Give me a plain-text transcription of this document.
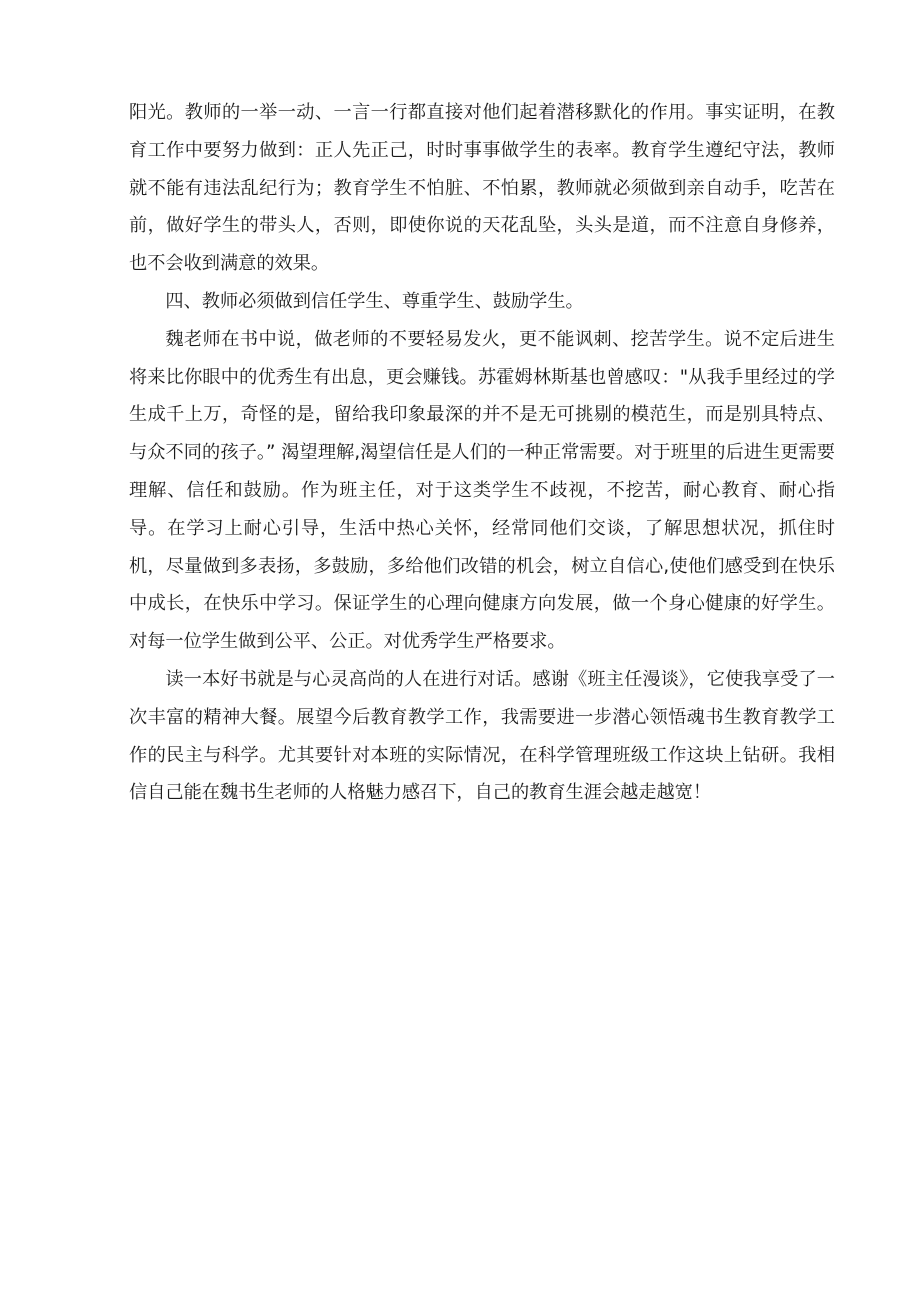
阳光。教师的一举一动、一言一行都直接对他们起着潜移默化的作用。事实证明，在教育工作中要努力做到：正人先正己，时时事事做学生的表率。教育学生遵纪守法，教师就不能有违法乱纪行为；教育学生不怕脏、不怕累，教师就必须做到亲自动手，吃苦在前，做好学生的带头人，否则，即使你说的天花乱坠，头头是道，而不注意自身修养，也不会收到满意的效果。

四、教师必须做到信任学生、尊重学生、鼓励学生。

魏老师在书中说，做老师的不要轻易发火，更不能讽刺、挖苦学生。说不定后进生将来比你眼中的优秀生有出息，更会赚钱。苏霍姆林斯基也曾感叹："从我手里经过的学生成千上万，奇怪的是，留给我印象最深的并不是无可挑剔的模范生，而是别具特点、与众不同的孩子。” 渴望理解,渴望信任是人们的一种正常需要。对于班里的后进生更需要理解、信任和鼓励。作为班主任，对于这类学生不歧视，不挖苦，耐心教育、耐心指导。在学习上耐心引导，生活中热心关怀，经常同他们交谈，了解思想状况，抓住时机，尽量做到多表扬，多鼓励，多给他们改错的机会，树立自信心,使他们感受到在快乐中成长，在快乐中学习。保证学生的心理向健康方向发展，做一个身心健康的好学生。对每一位学生做到公平、公正。对优秀学生严格要求。

读一本好书就是与心灵高尚的人在进行对话。感谢《班主任漫谈》，它使我享受了一次丰富的精神大餐。展望今后教育教学工作，我需要进一步潜心领悟魂书生教育教学工作的民主与科学。尤其要针对本班的实际情况，在科学管理班级工作这块上钻研。我相信自己能在魏书生老师的人格魅力感召下，自己的教育生涯会越走越宽！
